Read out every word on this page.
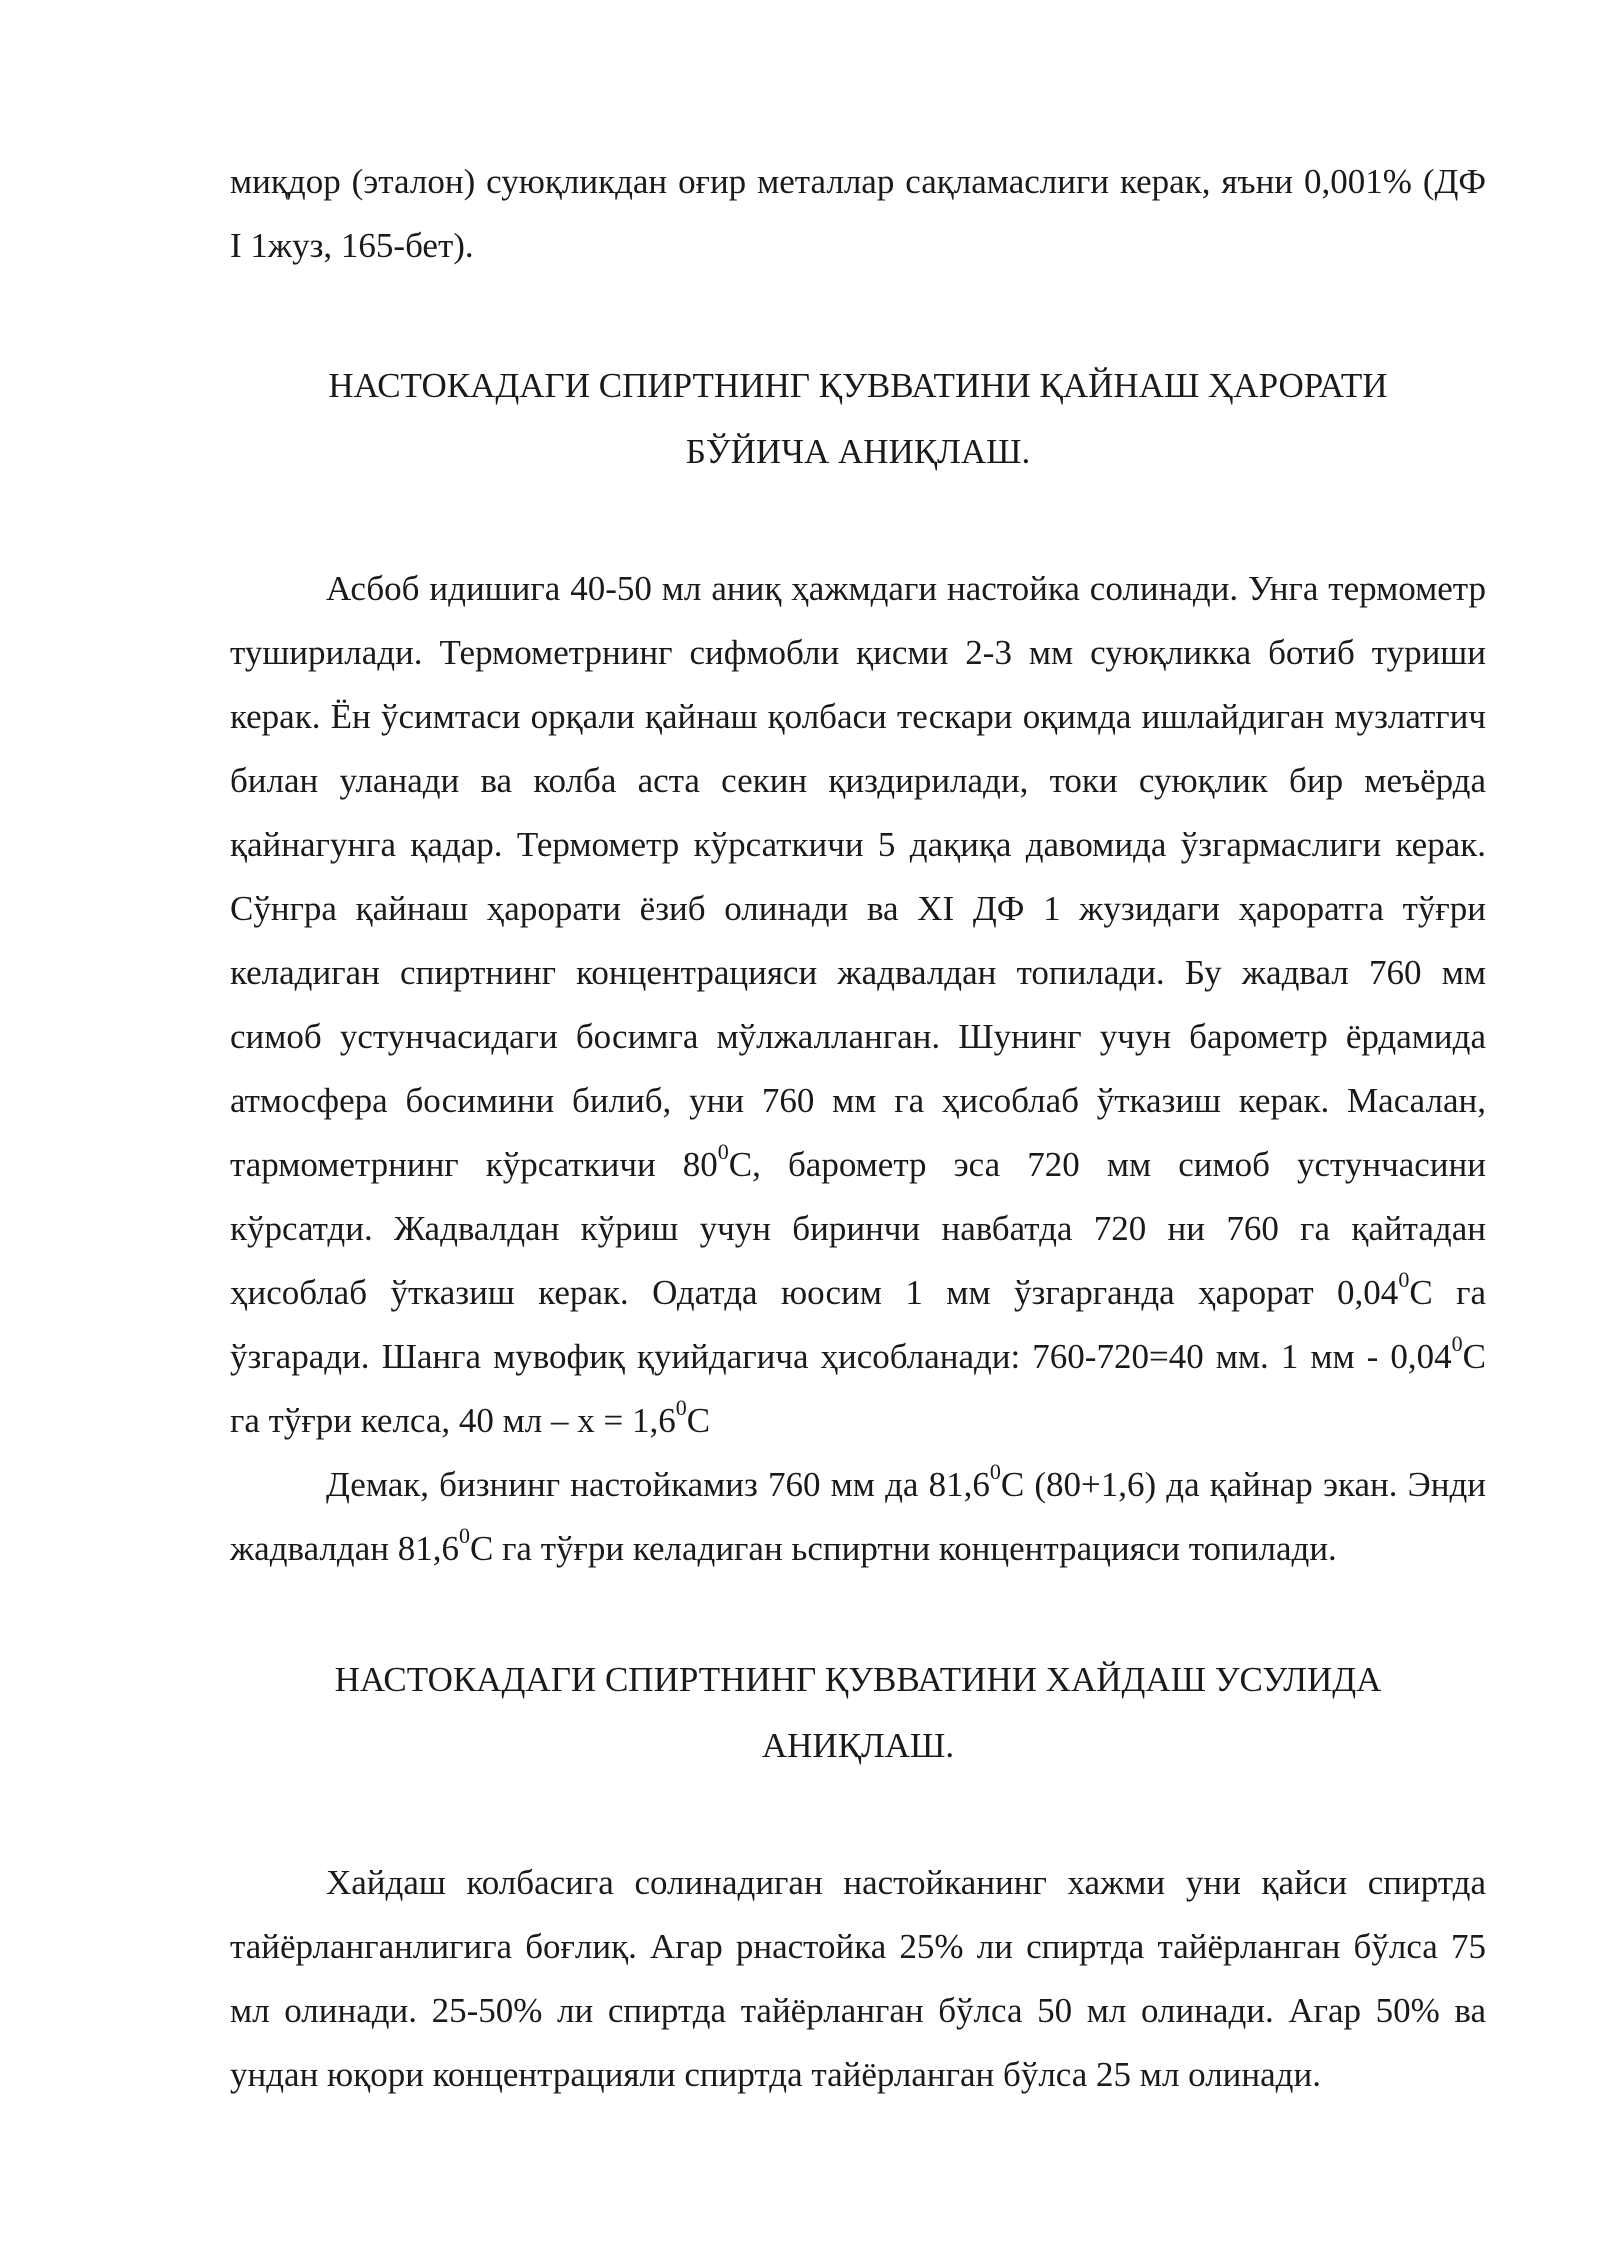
миқдор (эталон) суюқликдан оғир металлар сақламаслиги керак, яъни 0,001% (ДФ I 1жуз, 165-бет).

НАСТОКАДАГИ СПИРТНИНГ ҚУВВАТИНИ ҚАЙНАШ ҲАРОРАТИ
БЎЙИЧА АНИҚЛАШ.

Асбоб идишига 40-50 мл аниқ ҳажмдаги настойка солинади. Унга термометр туширилади. Термометрнинг сифмобли қисми 2-3 мм суюқликка ботиб туриши керак. Ён ўсимтаси орқали қайнаш қолбаси тескари оқимда ишлайдиган музлатгич билан уланади ва колба аста секин қиздирилади, токи суюқлик бир меъёрда қайнагунга қадар. Термометр кўрсаткичи 5 дақиқа давомида ўзгармаслиги керак. Сўнгра қайнаш ҳарорати ёзиб олинади ва XI ДФ 1 жузидаги ҳароратга тўғри келадиган спиртнинг концентрацияси жадвалдан топилади. Бу жадвал 760 мм симоб устунчасидаги босимга мўлжалланган. Шунинг учун барометр ёрдамида атмосфера босимини билиб, уни 760 мм га ҳисоблаб ўтказиш керак. Масалан, тармометрнинг кўрсаткичи $80^0С$, барометр эса 720 мм симоб устунчасини кўрсатди. Жадвалдан кўриш учун биринчи навбатда 720 ни 760 га қайтадан ҳисоблаб ўтказиш керак. Одатда юосим 1 мм ўзгарганда ҳарорат 0,04$^0$С га ўзгаради. Шанга мувофиқ қуийдагича ҳисобланади: 760-720=40 мм. 1 мм - 0,04$^0$С га тўғри келса, 40 мл – $х = 1,6^0С$

Демак, бизнинг настойкамиз 760 мм да 81,6$^0$С (80+1,6) да қайнар экан. Энди жадвалдан 81,6$^0$С га тўғри келадиган ьспиртни концентрацияси топилади.

НАСТОКАДАГИ СПИРТНИНГ ҚУВВАТИНИ ХАЙДАШ УСУЛИДА
АНИҚЛАШ.

Хайдаш колбасига солинадиган настойканинг хажми уни қайси спиртда тайёрланганлигига боғлиқ. Агар рнастойка 25% ли спиртда тайёрланган бўлса 75 мл олинади. 25-50% ли спиртда тайёрланган бўлса 50 мл олинади. Агар 50% ва ундан юқори концентрацияли спиртда тайёрланган бўлса 25 мл олинади.
